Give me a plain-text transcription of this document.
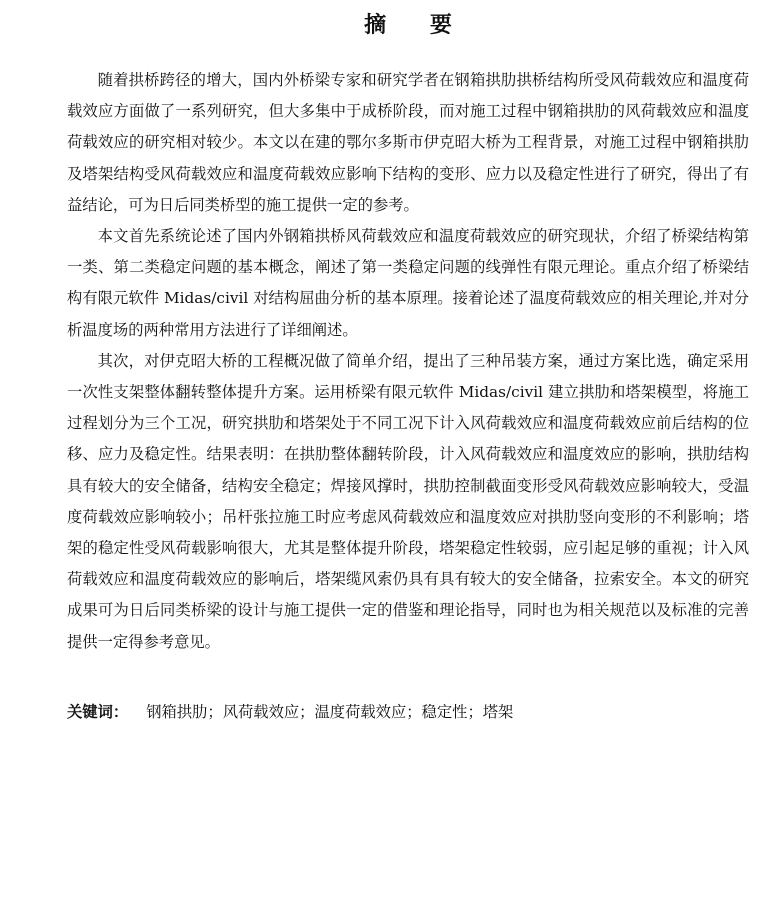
摘 要

随着拱桥跨径的增大，国内外桥梁专家和研究学者在钢箱拱肋拱桥结构所受风荷载效应和温度荷载效应方面做了一系列研究，但大多集中于成桥阶段，而对施工过程中钢箱拱肋的风荷载效应和温度荷载效应的研究相对较少。本文以在建的鄂尔多斯市伊克昭大桥为工程背景，对施工过程中钢箱拱肋及塔架结构受风荷载效应和温度荷载效应影响下结构的变形、应力以及稳定性进行了研究，得出了有益结论，可为日后同类桥型的施工提供一定的参考。

本文首先系统论述了国内外钢箱拱桥风荷载效应和温度荷载效应的研究现状，介绍了桥梁结构第一类、第二类稳定问题的基本概念，阐述了第一类稳定问题的线弹性有限元理论。重点介绍了桥梁结构有限元软件 Midas/civil 对结构屈曲分析的基本原理。接着论述了温度荷载效应的相关理论,并对分析温度场的两种常用方法进行了详细阐述。

其次，对伊克昭大桥的工程概况做了简单介绍，提出了三种吊装方案，通过方案比选，确定采用一次性支架整体翻转整体提升方案。运用桥梁有限元软件 Midas/civil 建立拱肋和塔架模型，将施工过程划分为三个工况，研究拱肋和塔架处于不同工况下计入风荷载效应和温度荷载效应前后结构的位移、应力及稳定性。结果表明：在拱肋整体翻转阶段，计入风荷载效应和温度效应的影响，拱肋结构具有较大的安全储备，结构安全稳定；焊接风撑时，拱肋控制截面变形受风荷载效应影响较大，受温度荷载效应影响较小；吊杆张拉施工时应考虑风荷载效应和温度效应对拱肋竖向变形的不利影响；塔架的稳定性受风荷载影响很大，尤其是整体提升阶段，塔架稳定性较弱，应引起足够的重视；计入风荷载效应和温度荷载效应的影响后，塔架缆风索仍具有具有较大的安全储备，拉索安全。本文的研究成果可为日后同类桥梁的设计与施工提供一定的借鉴和理论指导，同时也为相关规范以及标准的完善提供一定得参考意见。

关键词： 钢箱拱肋；风荷载效应；温度荷载效应；稳定性；塔架
